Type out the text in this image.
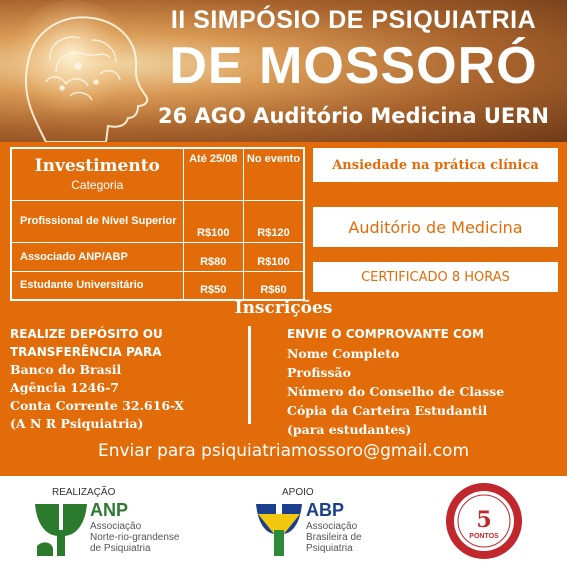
II SIMPÓSIO DE PSIQUIATRIA
DE MOSSORÓ
26 AGO Auditório Medicina UERN
Investimento
Categoria	Até 25/08	No evento
Profissional de Nível Superior	R$100	R$120
Associado ANP/ABP	R$80	R$100
Estudante Universitário	R$50	R$60
Ansiedade na prática clínica
Auditório de Medicina
CERTIFICADO 8 HORAS
Inscrições
REALIZE DEPÓSITO OU
TRANSFERÊNCIA PARA
Banco do Brasil
Agência 1246-7
Conta Corrente 32.616-X
(A N R Psiquiatria)
ENVIE O COMPROVANTE COM
Nome Completo
Profissão
Número do Conselho de Classe
Cópia da Carteira Estudantil
(para estudantes)
Enviar para psiquiatriamossoro@gmail.com
REALIZAÇÃO
ANP
Associação
Norte-rio-grandense
de Psiquiatria
APOIO
ABP
Associação
Brasileira de
Psiquiatria
5
PONTOS
